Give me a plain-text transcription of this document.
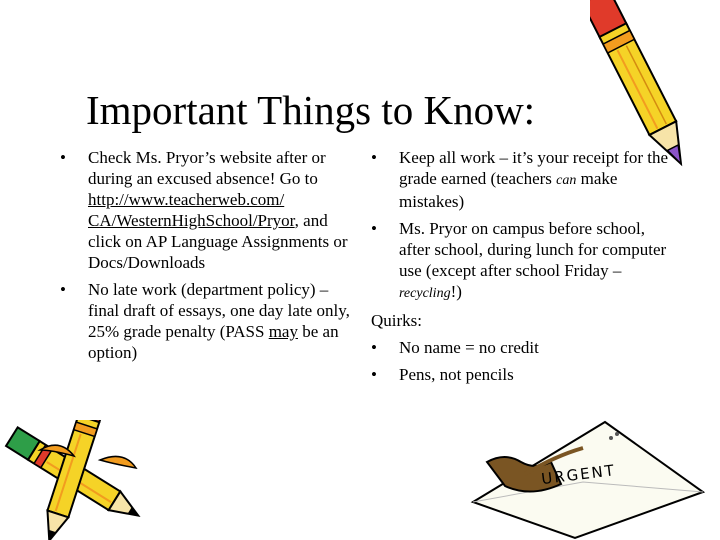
Important Things to Know:
• Check Ms. Pryor’s website after or during an excused absence! Go to http://www.teacherweb.com/
CA/WesternHighSchool/Pryor, and click on AP Language Assignments or Docs/Downloads
• No late work (department policy) – final draft of essays, one day late only, 25% grade penalty (PASS may be an option)
• Keep all work – it’s your receipt for the grade earned (teachers can make mistakes)
• Ms. Pryor on campus before school, after school, during lunch for computer use (except after school Friday – recycling!)

Quirks:

• No name = no credit
• Pens, not pencils
URGENT
